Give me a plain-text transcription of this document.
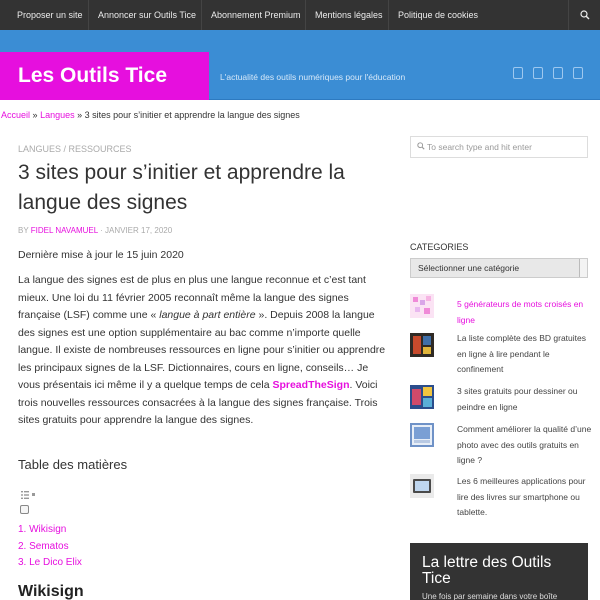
Proposer un site	Annoncer sur Outils Tice	Abonnement Premium	Mentions légales	Politique de cookies
Les Outils Tice	L'actualité des outils numériques pour l'éducation
Accueil » Langues » 3 sites pour s’initier et apprendre la langue des signes
LANGUES / RESSOURCES
3 sites pour s’initier et apprendre la langue des signes
BY FIDEL NAVAMUEL · JANVIER 17, 2020
Dernière mise à jour le 15 juin 2020

La langue des signes est de plus en plus une langue reconnue et c’est tant mieux. Une loi du 11 février 2005 reconnaît même la langue des signes française (LSF) comme une « langue à part entière ». Depuis 2008 la langue des signes est une option supplémentaire au bac comme n’importe quelle langue. Il existe de nombreuses ressources en ligne pour s’initier ou apprendre les principaux signes de la LSF. Dictionnaires, cours en ligne, conseils… Je vous présentais ici même il y a quelque temps de cela SpreadTheSign. Voici trois nouvelles ressources consacrées à la langue des signes française. Trois sites gratuits pour apprendre la langue des signes.

Table des matières
1. Wikisign
2. Sematos
3. Le Dico Elix
Wikisign
To search type and hit enter
CATEGORIES
Sélectionner une catégorie
5 générateurs de mots croisés en ligne
La liste complète des BD gratuites en ligne à lire pendant le confinement
3 sites gratuits pour dessiner ou peindre en ligne
Comment améliorer la qualité d’une photo avec des outils gratuits en ligne ?
Les 6 meilleures applications pour lire des livres sur smartphone ou tablette.
La lettre des Outils Tice
Une fois par semaine dans votre boîte
